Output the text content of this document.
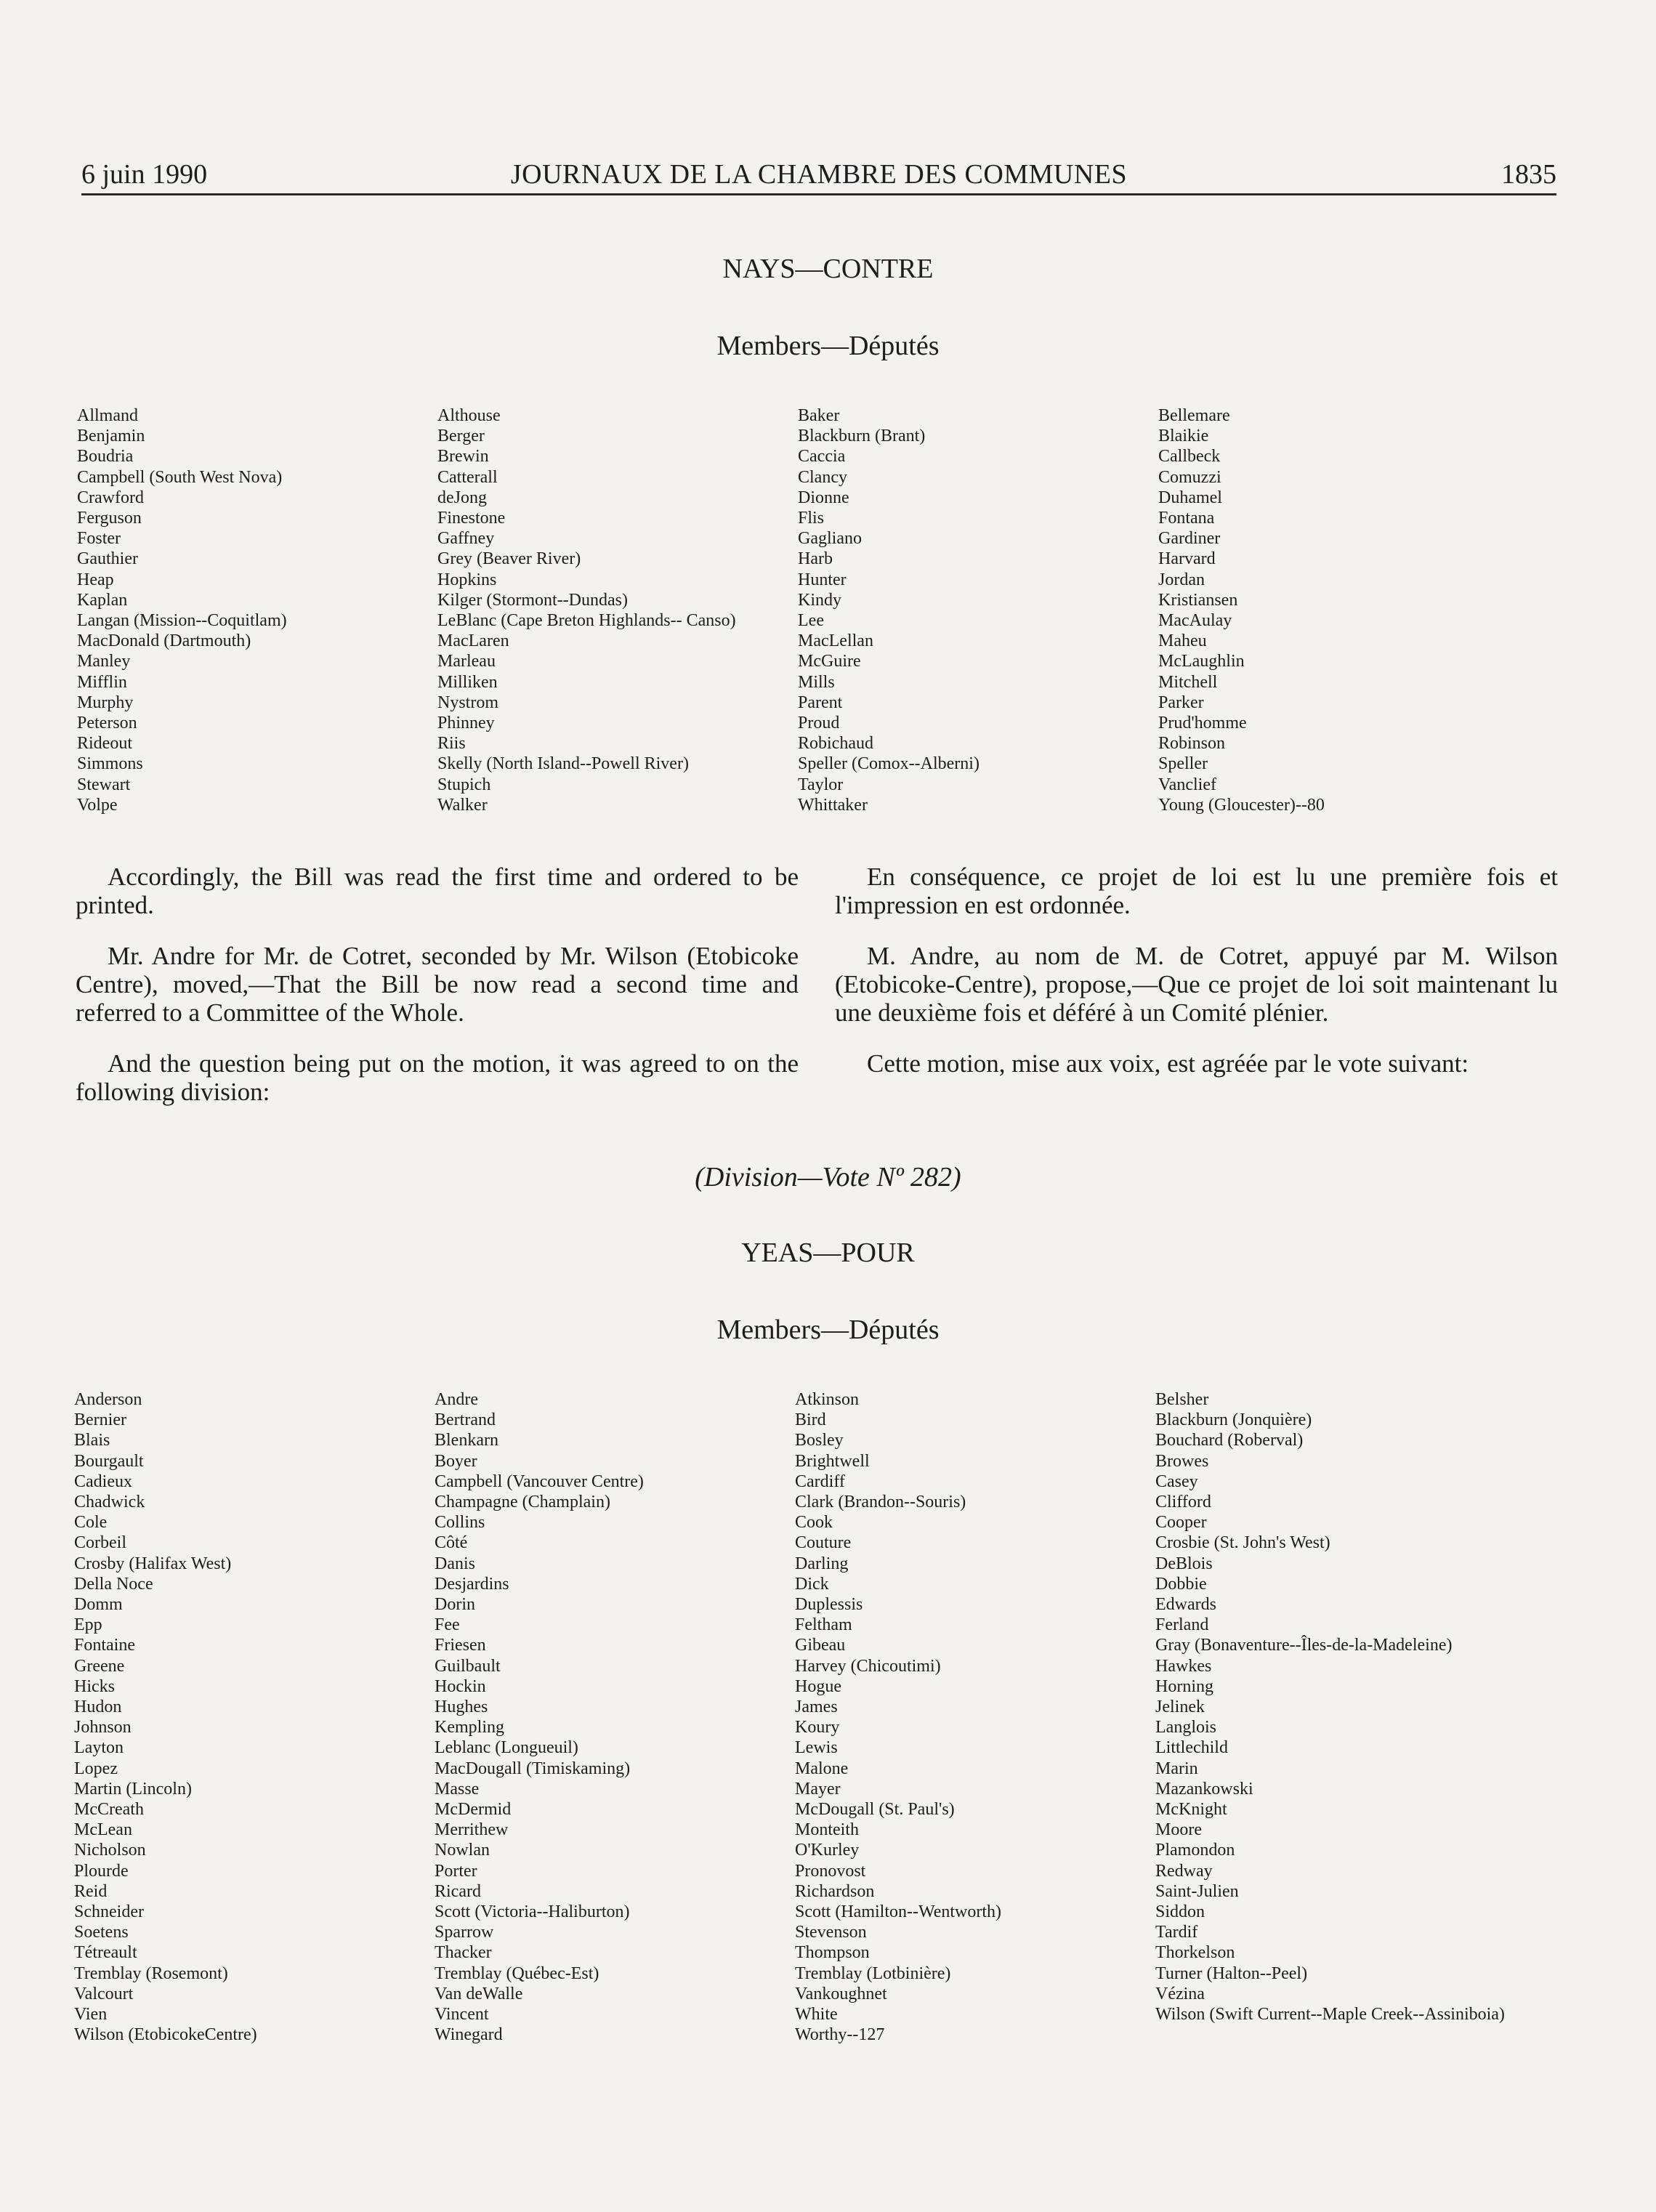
6 juin 1990	JOURNAUX DE LA CHAMBRE DES COMMUNES	1835
NAYS—CONTRE
Members—Députés
Allmand
Benjamin
Boudria
Campbell (South West Nova)
Crawford
Ferguson
Foster
Gauthier
Heap
Kaplan
Langan (Mission--Coquitlam)
MacDonald (Dartmouth)
Manley
Mifflin
Murphy
Peterson
Rideout
Simmons
Stewart
Volpe
Althouse
Berger
Brewin
Catterall
deJong
Finestone
Gaffney
Grey (Beaver River)
Hopkins
Kilger (Stormont--Dundas)
LeBlanc (Cape Breton Highlands-- Canso)
MacLaren
Marleau
Milliken
Nystrom
Phinney
Riis
Skelly (North Island--Powell River)
Stupich
Walker
Baker
Blackburn (Brant)
Caccia
Clancy
Dionne
Flis
Gagliano
Harb
Hunter
Kindy
Lee
MacLellan
McGuire
Mills
Parent
Proud
Robichaud
Speller (Comox--Alberni)
Taylor
Whittaker
Bellemare
Blaikie
Callbeck
Comuzzi
Duhamel
Fontana
Gardiner
Harvard
Jordan
Kristiansen
MacAulay
Maheu
McLaughlin
Mitchell
Parker
Prud'homme
Robinson
Speller
Vanclief
Young (Gloucester)--80

Accordingly, the Bill was read the first time and ordered to be printed.

Mr. Andre for Mr. de Cotret, seconded by Mr. Wilson (Etobicoke Centre), moved,—That the Bill be now read a second time and referred to a Committee of the Whole.

And the question being put on the motion, it was agreed to on the following division:

En conséquence, ce projet de loi est lu une première fois et l'impression en est ordonnée.

M. Andre, au nom de M. de Cotret, appuyé par M. Wilson (Etobicoke-Centre), propose,—Que ce projet de loi soit maintenant lu une deuxième fois et déféré à un Comité plénier.

Cette motion, mise aux voix, est agréée par le vote suivant:

(Division—Vote Nº 282)
YEAS—POUR
Members—Députés
Anderson
Bernier
Blais
Bourgault
Cadieux
Chadwick
Cole
Corbeil
Crosby (Halifax West)
Della Noce
Domm
Epp
Fontaine
Greene
Hicks
Hudon
Johnson
Layton
Lopez
Martin (Lincoln)
McCreath
McLean
Nicholson
Plourde
Reid
Schneider
Soetens
Tétreault
Tremblay (Rosemont)
Valcourt
Vien
Wilson (EtobicokeCentre)
Andre
Bertrand
Blenkarn
Boyer
Campbell (Vancouver Centre)
Champagne (Champlain)
Collins
Côté
Danis
Desjardins
Dorin
Fee
Friesen
Guilbault
Hockin
Hughes
Kempling
Leblanc (Longueuil)
MacDougall (Timiskaming)
Masse
McDermid
Merrithew
Nowlan
Porter
Ricard
Scott (Victoria--Haliburton)
Sparrow
Thacker
Tremblay (Québec-Est)
Van deWalle
Vincent
Winegard
Atkinson
Bird
Bosley
Brightwell
Cardiff
Clark (Brandon--Souris)
Cook
Couture
Darling
Dick
Duplessis
Feltham
Gibeau
Harvey (Chicoutimi)
Hogue
James
Koury
Lewis
Malone
Mayer
McDougall (St. Paul's)
Monteith
O'Kurley
Pronovost
Richardson
Scott (Hamilton--Wentworth)
Stevenson
Thompson
Tremblay (Lotbinière)
Vankoughnet
White
Worthy--127
Belsher
Blackburn (Jonquière)
Bouchard (Roberval)
Browes
Casey
Clifford
Cooper
Crosbie (St. John's West)
DeBlois
Dobbie
Edwards
Ferland
Gray (Bonaventure--Îles-de-la-Madeleine)
Hawkes
Horning
Jelinek
Langlois
Littlechild
Marin
Mazankowski
McKnight
Moore
Plamondon
Redway
Saint-Julien
Siddon
Tardif
Thorkelson
Turner (Halton--Peel)
Vézina
Wilson (Swift Current--Maple Creek--Assiniboia)
